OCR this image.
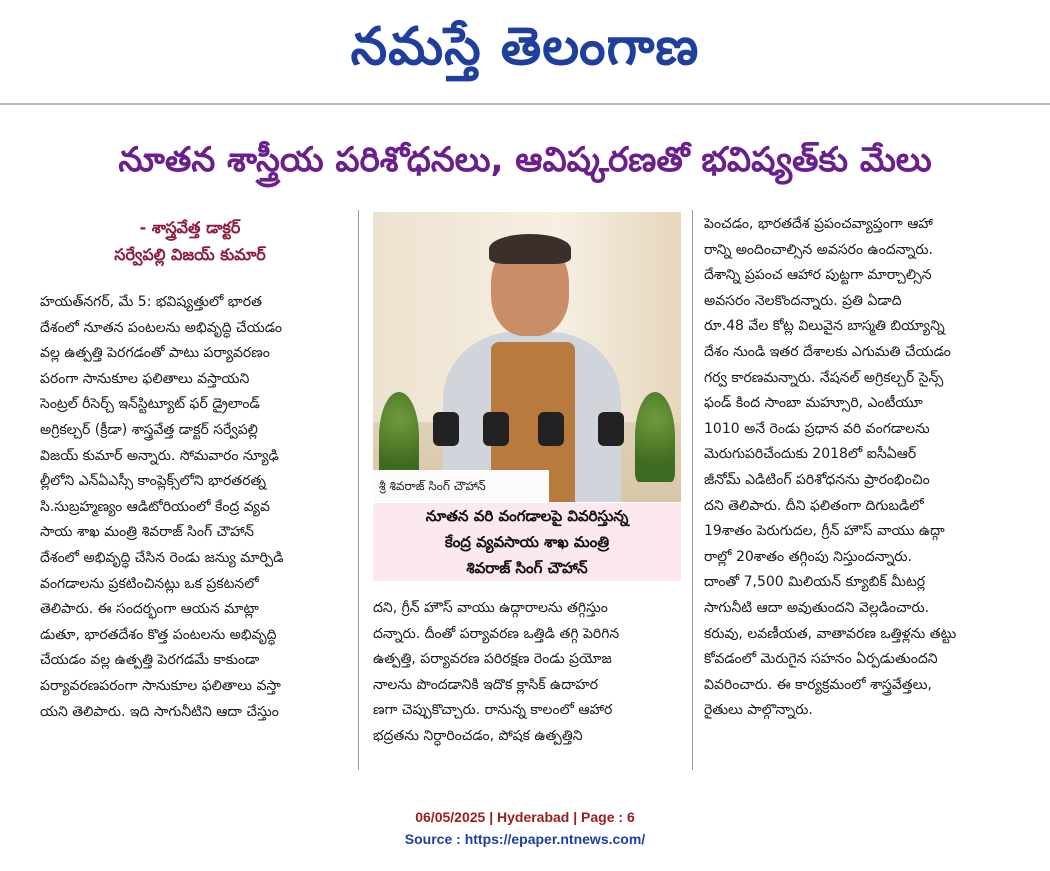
నమస్తే తెలంగాణ
నూతన శాస్త్రీయ పరిశోధనలు, ఆవిష్కరణతో భవిష్యత్‌కు మేలు
- శాస్త్రవేత్త డాక్టర్
సర్వేపల్లి విజయ్ కుమార్
హయత్‌నగర్, మే 5: భవిష్యత్తులో భారత
దేశంలో నూతన పంటలను అభివృద్ధి చేయడం
వల్ల ఉత్పత్తి పెరగడంతో పాటు పర్యావరణం
పరంగా సానుకూల ఫలితాలు వస్తాయని
సెంట్రల్ రీసెర్చ్ ఇన్‌స్టిట్యూట్ ఫర్ డ్రైలాండ్
అగ్రికల్చర్ (క్రీడా) శాస్త్రవేత్త డాక్టర్ సర్వేపల్లి
విజయ్ కుమార్ అన్నారు. సోమవారం న్యూఢి
ల్లీలోని ఎన్ఏఎస్సీ కాంప్లెక్స్‌లోని భారతరత్న
సి.సుబ్రహ్మణ్యం ఆడిటోరియంలో కేంద్ర వ్యవ
సాయ శాఖ మంత్రి శివరాజ్ సింగ్ చౌహాన్
దేశంలో అభివృద్ధి చేసిన రెండు జన్యు మార్పిడి
వంగడాలను ప్రకటించినట్లు ఒక ప్రకటనలో
తెలిపారు. ఈ సందర్భంగా ఆయన మాట్లా
డుతూ, భారతదేశం కొత్త పంటలను అభివృద్ధి
చేయడం వల్ల ఉత్పత్తి పెరగడమే కాకుండా
పర్యావరణపరంగా సానుకూల ఫలితాలు వస్తా
యని తెలిపారు. ఇది సాగునీటిని ఆదా చేస్తుం
శ్రీ శివరాజ్ సింగ్ చౌహాన్
నూతన వరి వంగడాలపై వివరిస్తున్న
కేంద్ర వ్యవసాయ శాఖ మంత్రి
శివరాజ్ సింగ్ చౌహాన్
దని, గ్రీన్ హౌస్ వాయు ఉద్గారాలను తగ్గిస్తుం
దన్నారు. దీంతో పర్యావరణ ఒత్తిడి తగ్గి పెరిగిన
ఉత్పత్తి, పర్యావరణ పరిరక్షణ రెండు ప్రయోజ
నాలను పొందడానికి ఇదొక క్లాసిక్ ఉదాహర
ణగా చెప్పుకొచ్చారు. రానున్న కాలంలో ఆహార
భద్రతను నిర్ధారించడం, పోషక ఉత్పత్తిని
పెంచడం, భారతదేశ ప్రపంచవ్యాప్తంగా ఆహా
రాన్ని అందించాల్సిన అవసరం ఉందన్నారు.
దేశాన్ని ప్రపంచ ఆహార పుట్టగా మార్చాల్సిన
అవసరం నెలకొందన్నారు. ప్రతి ఏడాది
రూ.48 వేల కోట్ల విలువైన బాస్మతి బియ్యాన్ని
దేశం నుండి ఇతర దేశాలకు ఎగుమతి చేయడం
గర్వ కారణమన్నారు. నేషనల్ అగ్రికల్చర్ సైన్స్
ఫండ్ కింద సాంబా మహ్సూరి, ఎంటీయూ
1010 అనే రెండు ప్రధాన వరి వంగడాలను
మెరుగుపరిచేందుకు 2018లో ఐసీఏఆర్
జీనోమ్ ఎడిటింగ్ పరిశోధనను ప్రారంభించిం
దని తెలిపారు. దీని ఫలితంగా దిగుబడిలో
19శాతం పెరుగుదల, గ్రీన్ హౌస్ వాయు ఉద్గా
రాల్లో 20శాతం తగ్గింపు నిస్తుందన్నారు.
దాంతో 7,500 మిలియన్ క్యూబిక్ మీటర్ల
సాగునీటి ఆదా అవుతుందని వెల్లడించారు.
కరువు, లవణీయత, వాతావరణ ఒత్తిళ్లను తట్టు
కోవడంలో మెరుగైన సహనం ఏర్పడుతుందని
వివరించారు. ఈ కార్యక్రమంలో శాస్త్రవేత్తలు,
రైతులు పాల్గొన్నారు.
06/05/2025 | Hyderabad | Page : 6
Source : https://epaper.ntnews.com/
